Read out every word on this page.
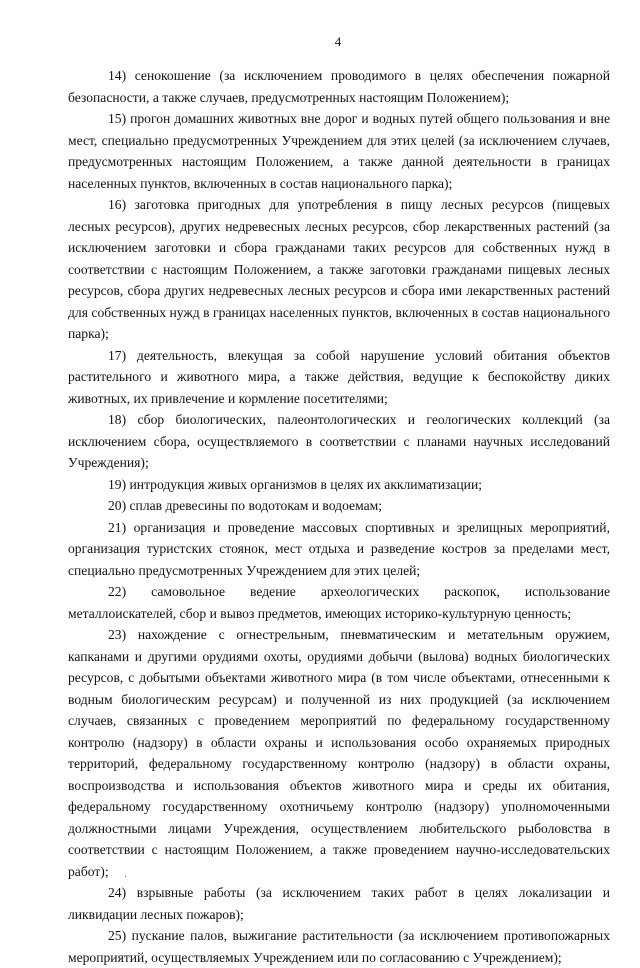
4

14) сенокошение (за исключением проводимого в целях обеспечения пожарной безопасности, а также случаев, предусмотренных настоящим Положением);

15) прогон домашних животных вне дорог и водных путей общего пользования и вне мест, специально предусмотренных Учреждением для этих целей (за исключением случаев, предусмотренных настоящим Положением, а также данной деятельности в границах населенных пунктов, включенных в состав национального парка);

16) заготовка пригодных для употребления в пищу лесных ресурсов (пищевых лесных ресурсов), других недревесных лесных ресурсов, сбор лекарственных растений (за исключением заготовки и сбора гражданами таких ресурсов для собственных нужд в соответствии с настоящим Положением, а также заготовки гражданами пищевых лесных ресурсов, сбора других недревесных лесных ресурсов и сбора ими лекарственных растений для собственных нужд в границах населенных пунктов, включенных в состав национального парка);

17) деятельность, влекущая за собой нарушение условий обитания объектов растительного и животного мира, а также действия, ведущие к беспокойству диких животных, их привлечение и кормление посетителями;

18) сбор биологических, палеонтологических и геологических коллекций (за исключением сбора, осуществляемого в соответствии с планами научных исследований Учреждения);

19) интродукция живых организмов в целях их акклиматизации;

20) сплав древесины по водотокам и водоемам;

21) организация и проведение массовых спортивных и зрелищных мероприятий, организация туристских стоянок, мест отдыха и разведение костров за пределами мест, специально предусмотренных Учреждением для этих целей;

22) самовольное ведение археологических раскопок, использование металлоискателей, сбор и вывоз предметов, имеющих историко-культурную ценность;

23) нахождение с огнестрельным, пневматическим и метательным оружием, капканами и другими орудиями охоты, орудиями добычи (вылова) водных биологических ресурсов, с добытыми объектами животного мира (в том числе объектами, отнесенными к водным биологическим ресурсам) и полученной из них продукцией (за исключением случаев, связанных с проведением мероприятий по федеральному государственному контролю (надзору) в области охраны и использования особо охраняемых природных территорий, федеральному государственному контролю (надзору) в области охраны, воспроизводства и использования объектов животного мира и среды их обитания, федеральному государственному охотничьему контролю (надзору) уполномоченными должностными лицами Учреждения, осуществлением любительского рыболовства в соответствии с настоящим Положением, а также проведением научно-исследовательских работ);

24) взрывные работы (за исключением таких работ в целях локализации и ликвидации лесных пожаров);

25) пускание палов, выжигание растительности (за исключением противопожарных мероприятий, осуществляемых Учреждением или по согласованию с Учреждением);
